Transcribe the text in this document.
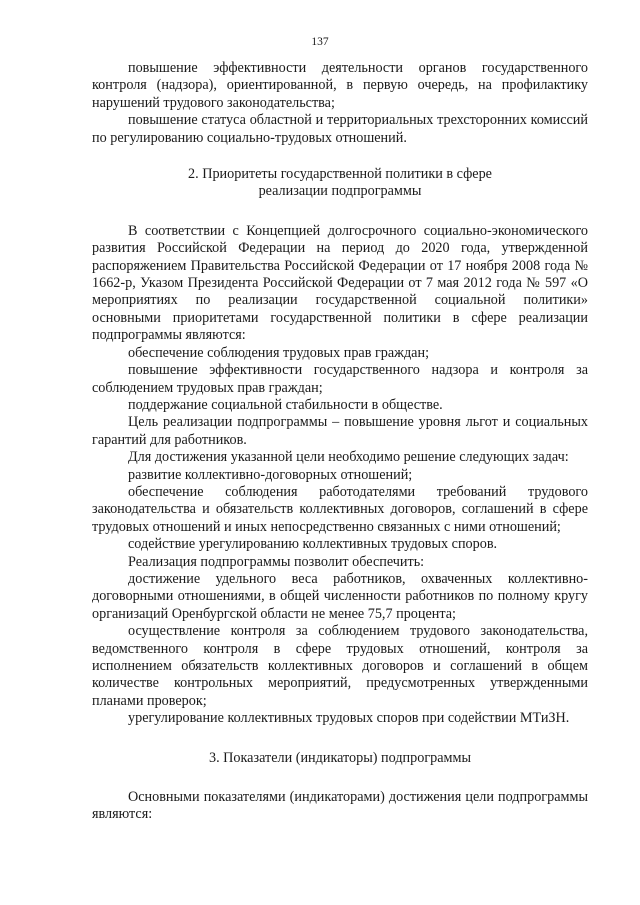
137

повышение эффективности деятельности органов государственного контроля (надзора), ориентированной, в первую очередь, на профилактику нарушений трудового законодательства;

повышение статуса областной и территориальных трехсторонних комиссий по регулированию социально-трудовых отношений.

2. Приоритеты государственной политики в сфере
реализации подпрограммы

В соответствии с Концепцией долгосрочного социально-экономического развития Российской Федерации на период до 2020 года, утвержденной распоряжением Правительства Российской Федерации от 17 ноября 2008 года № 1662-р, Указом Президента Российской Федерации от 7 мая 2012 года № 597 «О мероприятиях по реализации государственной социальной политики» основными приоритетами государственной политики в сфере реализации подпрограммы являются:

обеспечение соблюдения трудовых прав граждан;

повышение эффективности государственного надзора и контроля за соблюдением трудовых прав граждан;

поддержание социальной стабильности в обществе.

Цель реализации подпрограммы – повышение уровня льгот и социальных гарантий для работников.

Для достижения указанной цели необходимо решение следующих задач:

развитие коллективно-договорных отношений;

обеспечение соблюдения работодателями требований трудового законодательства и обязательств коллективных договоров, соглашений в сфере трудовых отношений и иных непосредственно связанных с ними отношений;

содействие урегулированию коллективных трудовых споров.

Реализация подпрограммы позволит обеспечить:

достижение удельного веса работников, охваченных коллективно-договорными отношениями, в общей численности работников по полному кругу организаций Оренбургской области не менее 75,7 процента;

осуществление контроля за соблюдением трудового законодательства, ведомственного контроля в сфере трудовых отношений, контроля за исполнением обязательств коллективных договоров и соглашений в общем количестве контрольных мероприятий, предусмотренных утвержденными планами проверок;

урегулирование коллективных трудовых споров при содействии МТиЗН.

3. Показатели (индикаторы) подпрограммы

Основными показателями (индикаторами) достижения цели подпрограммы являются:
